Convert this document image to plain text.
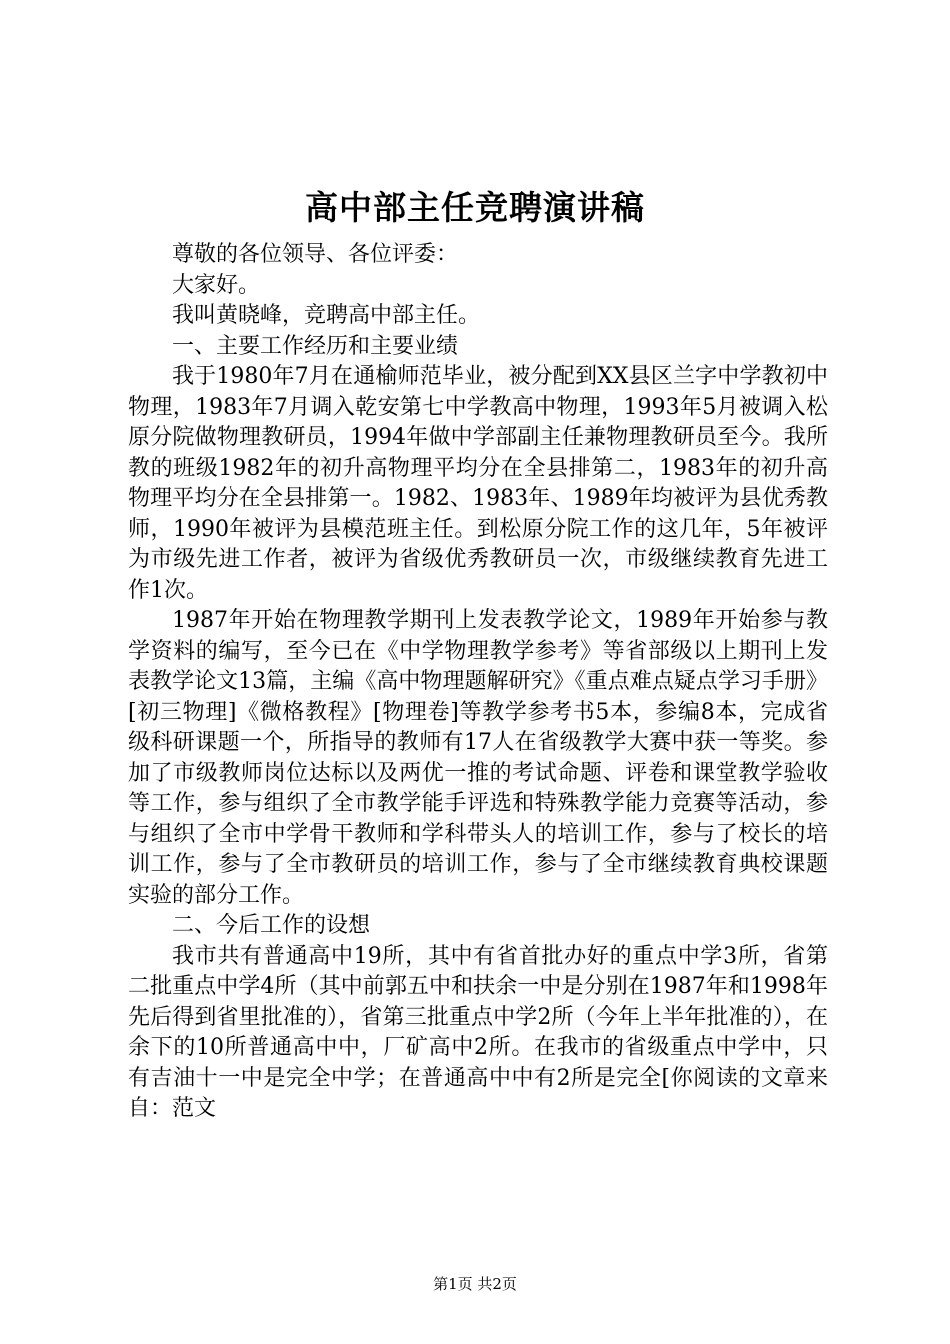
高中部主任竞聘演讲稿

尊敬的各位领导、各位评委：

大家好。

我叫黄晓峰，竞聘高中部主任。

一、主要工作经历和主要业绩

我于1980年7月在通榆师范毕业，被分配到XX县区兰字中学教初中物理，1983年7月调入乾安第七中学教高中物理，1993年5月被调入松原分院做物理教研员，1994年做中学部副主任兼物理教研员至今。我所教的班级1982年的初升高物理平均分在全县排第二，1983年的初升高物理平均分在全县排第一。1982、1983年、1989年均被评为县优秀教师，1990年被评为县模范班主任。到松原分院工作的这几年，5年被评为市级先进工作者，被评为省级优秀教研员一次，市级继续教育先进工作1次。

1987年开始在物理教学期刊上发表教学论文，1989年开始参与教学资料的编写，至今已在《中学物理教学参考》等省部级以上期刊上发表教学论文13篇，主编《高中物理题解研究》《重点难点疑点学习手册》[初三物理]《微格教程》[物理卷]等教学参考书5本，参编8本，完成省级科研课题一个，所指导的教师有17人在省级教学大赛中获一等奖。参加了市级教师岗位达标以及两优一推的考试命题、评卷和课堂教学验收等工作，参与组织了全市教学能手评选和特殊教学能力竞赛等活动，参与组织了全市中学骨干教师和学科带头人的培训工作，参与了校长的培训工作，参与了全市教研员的培训工作，参与了全市继续教育典校课题实验的部分工作。

二、今后工作的设想

我市共有普通高中19所，其中有省首批办好的重点中学3所，省第二批重点中学4所（其中前郭五中和扶余一中是分别在1987年和1998年先后得到省里批准的），省第三批重点中学2所（今年上半年批准的），在余下的10所普通高中中，厂矿高中2所。在我市的省级重点中学中，只有吉油十一中是完全中学；在普通高中中有2所是完全[你阅读的文章来自：范文

第1页 共2页
